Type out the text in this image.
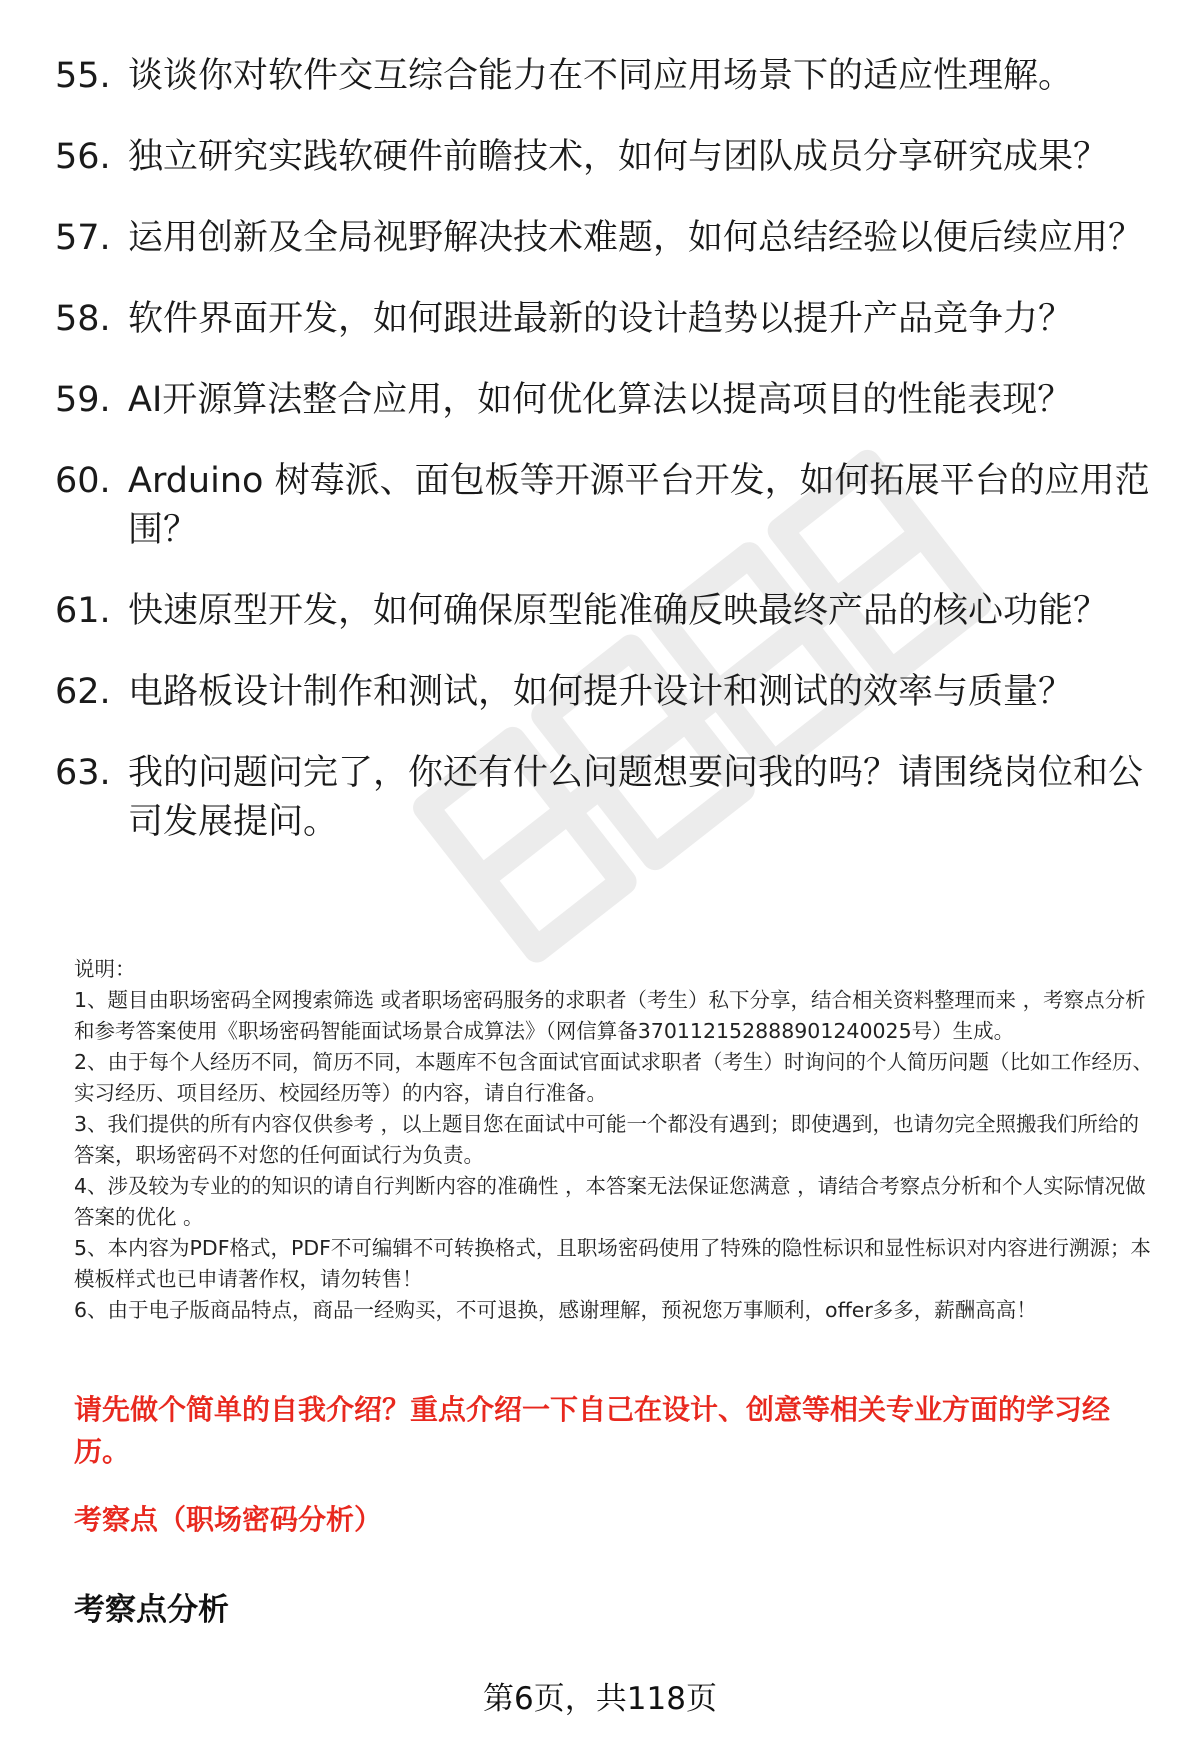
55. 谈谈你对软件交互综合能力在不同应用场景下的适应性理解。
56. 独立研究实践软硬件前瞻技术，如何与团队成员分享研究成果？
57. 运用创新及全局视野解决技术难题，如何总结经验以便后续应用？
58. 软件界面开发，如何跟进最新的设计趋势以提升产品竞争力？
59. AI开源算法整合应用，如何优化算法以提高项目的性能表现？
60. Arduino 树莓派、面包板等开源平台开发，如何拓展平台的应用范围？
61. 快速原型开发，如何确保原型能准确反映最终产品的核心功能？
62. 电路板设计制作和测试，如何提升设计和测试的效率与质量？
63. 我的问题问完了，你还有什么问题想要问我的吗？请围绕岗位和公司发展提问。

说明：

1、题目由职场密码全网搜索筛选 或者职场密码服务的求职者（考生）私下分享，结合相关资料整理而来 ，考察点分析和参考答案使用《职场密码智能面试场景合成算法》（网信算备370112152888901240025号）生成。

2、由于每个人经历不同，简历不同，本题库不包含面试官面试求职者（考生）时询问的个人简历问题（比如工作经历、实习经历、项目经历、校园经历等）的内容，请自行准备。

3、我们提供的所有内容仅供参考 ，以上题目您在面试中可能一个都没有遇到；即使遇到，也请勿完全照搬我们所给的答案，职场密码不对您的任何面试行为负责。

4、涉及较为专业的的知识的请自行判断内容的准确性 ，本答案无法保证您满意 ，请结合考察点分析和个人实际情况做答案的优化 。

5、本内容为PDF格式，PDF不可编辑不可转换格式，且职场密码使用了特殊的隐性标识和显性标识对内容进行溯源；本模板样式也已申请著作权，请勿转售！

6、由于电子版商品特点，商品一经购买，不可退换，感谢理解，预祝您万事顺利，offer多多，薪酬高高！

请先做个简单的自我介绍？重点介绍一下自己在设计、创意等相关专业方面的学习经历。

考察点（职场密码分析）

考察点分析

第6页，共118页
